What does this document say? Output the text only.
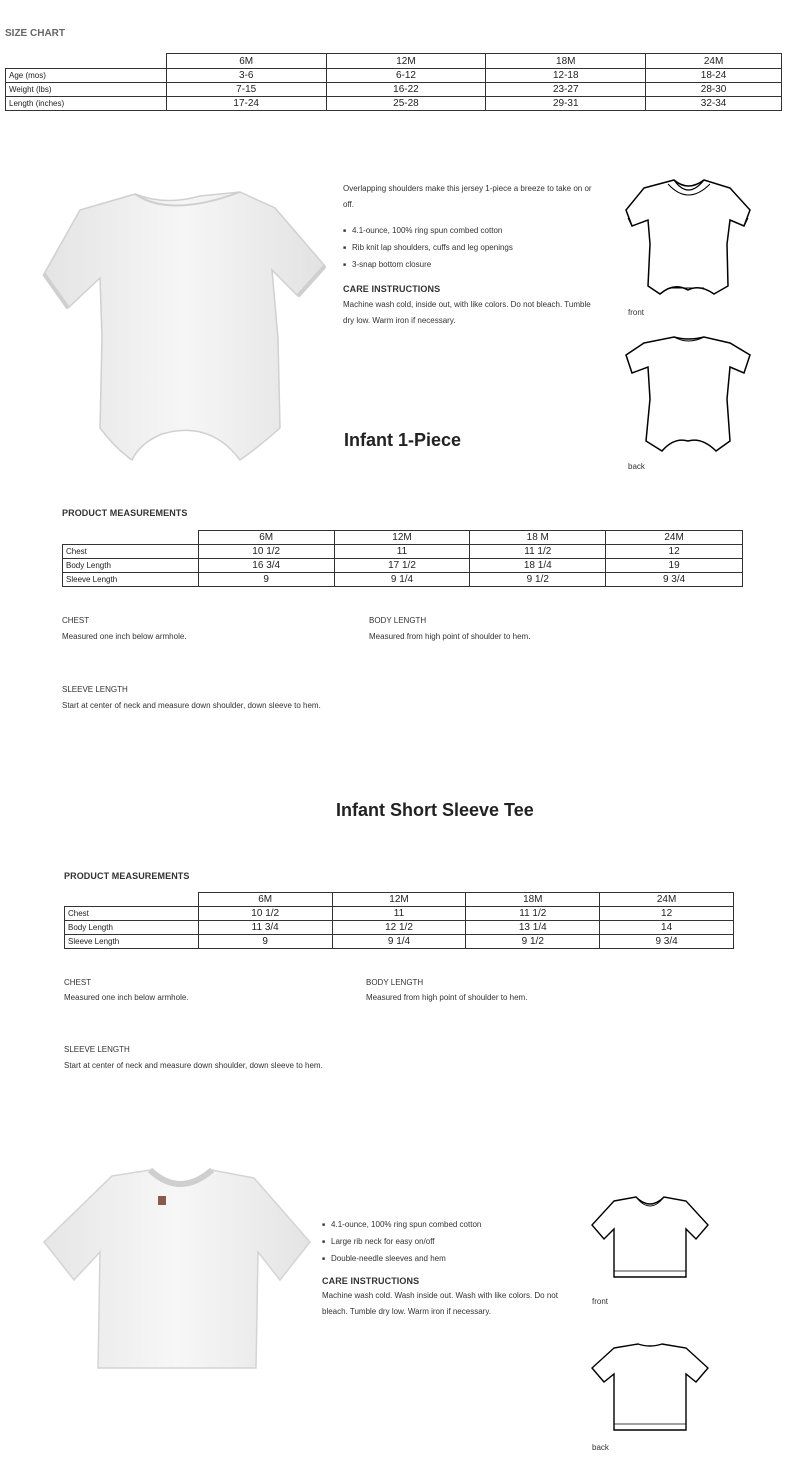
SIZE CHART
	6M	12M	18M	24M
Age (mos)	3-6	6-12	12-18	18-24
Weight (lbs)	7-15	16-22	23-27	28-30
Length (inches)	17-24	25-28	29-31	32-34
Overlapping shoulders make this jersey 1-piece a breeze to take on or off.
■ 4.1-ounce, 100% ring spun combed cotton
■ Rib knit lap shoulders, cuffs and leg openings
■ 3-snap bottom closure
CARE INSTRUCTIONS
Machine wash cold, inside out, with like colors. Do not bleach. Tumble dry low. Warm iron if necessary.
Infant 1-Piece
front
back
PRODUCT MEASUREMENTS
	6M	12M	18 M	24M
Chest	10 1/2	11	11 1/2	12
Body Length	16 3/4	17 1/2	18 1/4	19
Sleeve Length	9	9 1/4	9 1/2	9 3/4
CHEST
Measured one inch below armhole.
BODY LENGTH
Measured from high point of shoulder to hem.
SLEEVE LENGTH
Start at center of neck and measure down shoulder, down sleeve to hem.
Infant Short Sleeve Tee
PRODUCT MEASUREMENTS
	6M	12M	18M	24M
Chest	10 1/2	11	11 1/2	12
Body Length	11 3/4	12 1/2	13 1/4	14
Sleeve Length	9	9 1/4	9 1/2	9 3/4
CHEST
Measured one inch below armhole.
BODY LENGTH
Measured from high point of shoulder to hem.
SLEEVE LENGTH
Start at center of neck and measure down shoulder, down sleeve to hem.
■ 4.1-ounce, 100% ring spun combed cotton
■ Large rib neck for easy on/off
■ Double-needle sleeves and hem
CARE INSTRUCTIONS
Machine wash cold. Wash inside out. Wash with like colors. Do not bleach. Tumble dry low. Warm iron if necessary.
front
back
